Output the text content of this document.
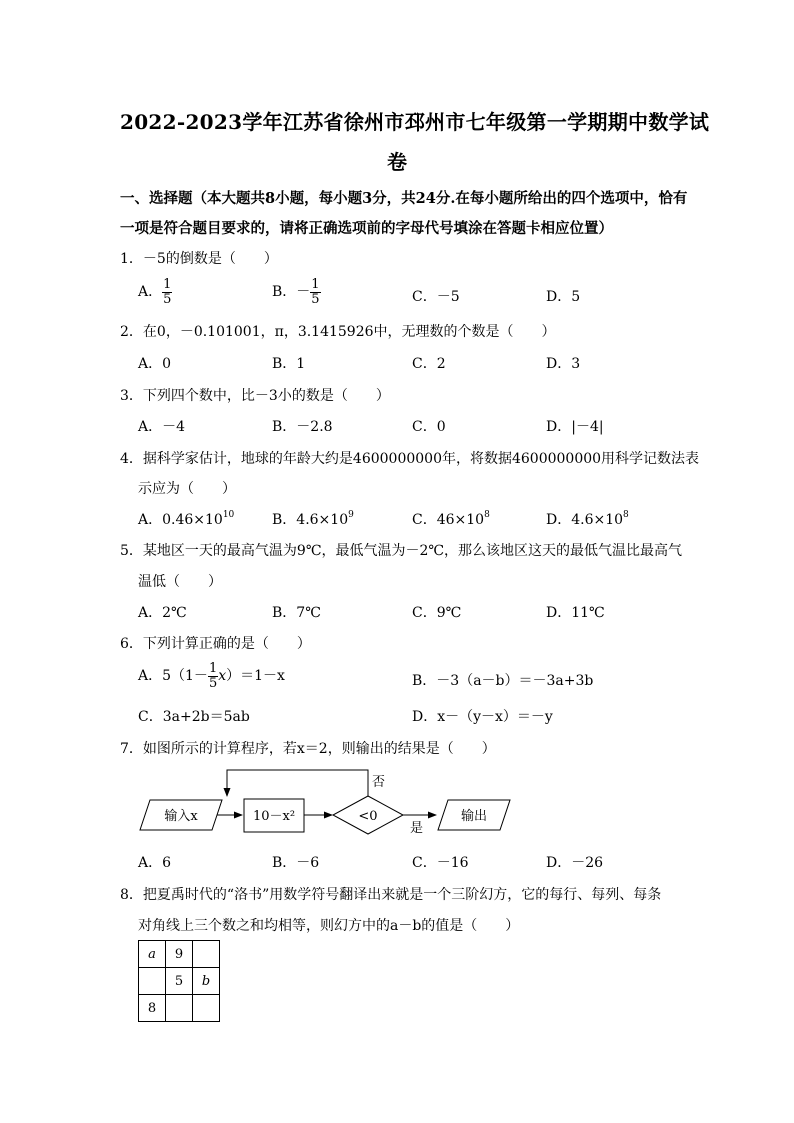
2022-2023学年江苏省徐州市邳州市七年级第一学期期中数学试
卷
一、选择题（本大题共8小题，每小题3分，共24分.在每小题所给出的四个选项中，恰有
一项是符合题目要求的，请将正确选项前的字母代号填涂在答题卡相应位置）
1．－5的倒数是（　　）
A． $\frac{1}{5}$	B．－ $\frac{1}{5}$	C．－5	D．5
2．在0，－0.101001，π，3.1415926中，无理数的个数是（　　）
A．0	B．1	C．2	D．3
3．下列四个数中，比－3小的数是（　　）
A．－4	B．－2.8	C．0	D．|－4|
4．据科学家估计，地球的年龄大约是4600000000年，将数据4600000000用科学记数法表
示应为（　　）
A．$0.46\times 10^{10}$	B．$4.6\times 10^9$	C．$46\times 10^8$	D．$4.6\times 10^8$
5．某地区一天的最高气温为9℃，最低气温为－2℃，那么该地区这天的最低气温比最高气
温低（　　）
A．2℃	B．7℃	C．9℃	D．11℃
6．下列计算正确的是（　　）
A．$5(1- \frac{1}{5} x)=1-x$	B．－3（a－b）＝－3a+3b
C．3a+2b＝5ab	D．x－（y－x）＝－y
7．如图所示的计算程序，若x＝2，则输出的结果是（　　）
输入x	10－x²	<0
否
是
输出
A．6	B．－6	C．－16	D．－26
8．把夏禹时代的“洛书”用数学符号翻译出来就是一个三阶幻方，它的每行、每列、每条
对角线上三个数之和均相等，则幻方中的a－b的值是（　　）
a	9	
	5	b
8		
